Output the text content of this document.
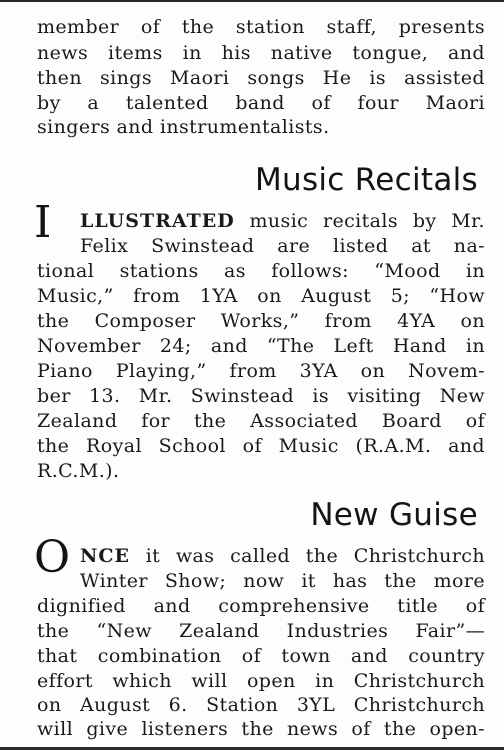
member of the station staff, presents
news items in his native tongue, and
then sings Maori songs He is assisted
by a talented band of four Maori
singers and instrumentalists.
Music Recitals
I LLUSTRATED music recitals by Mr.
Felix Swinstead are listed at na-
tional stations as follows: “Mood in
Music,” from 1YA on August 5; “How
the Composer Works,” from 4YA on
November 24; and “The Left Hand in
Piano Playing,” from 3YA on Novem-
ber 13. Mr. Swinstead is visiting New
Zealand for the Associated Board of
the Royal School of Music (R.A.M. and
R.C.M.).
New Guise
O NCE it was called the Christchurch
Winter Show; now it has the more
dignified and comprehensive title of
the “New Zealand Industries Fair”—
that combination of town and country
effort which will open in Christchurch
on August 6. Station 3YL Christchurch
will give listeners the news of the open-
